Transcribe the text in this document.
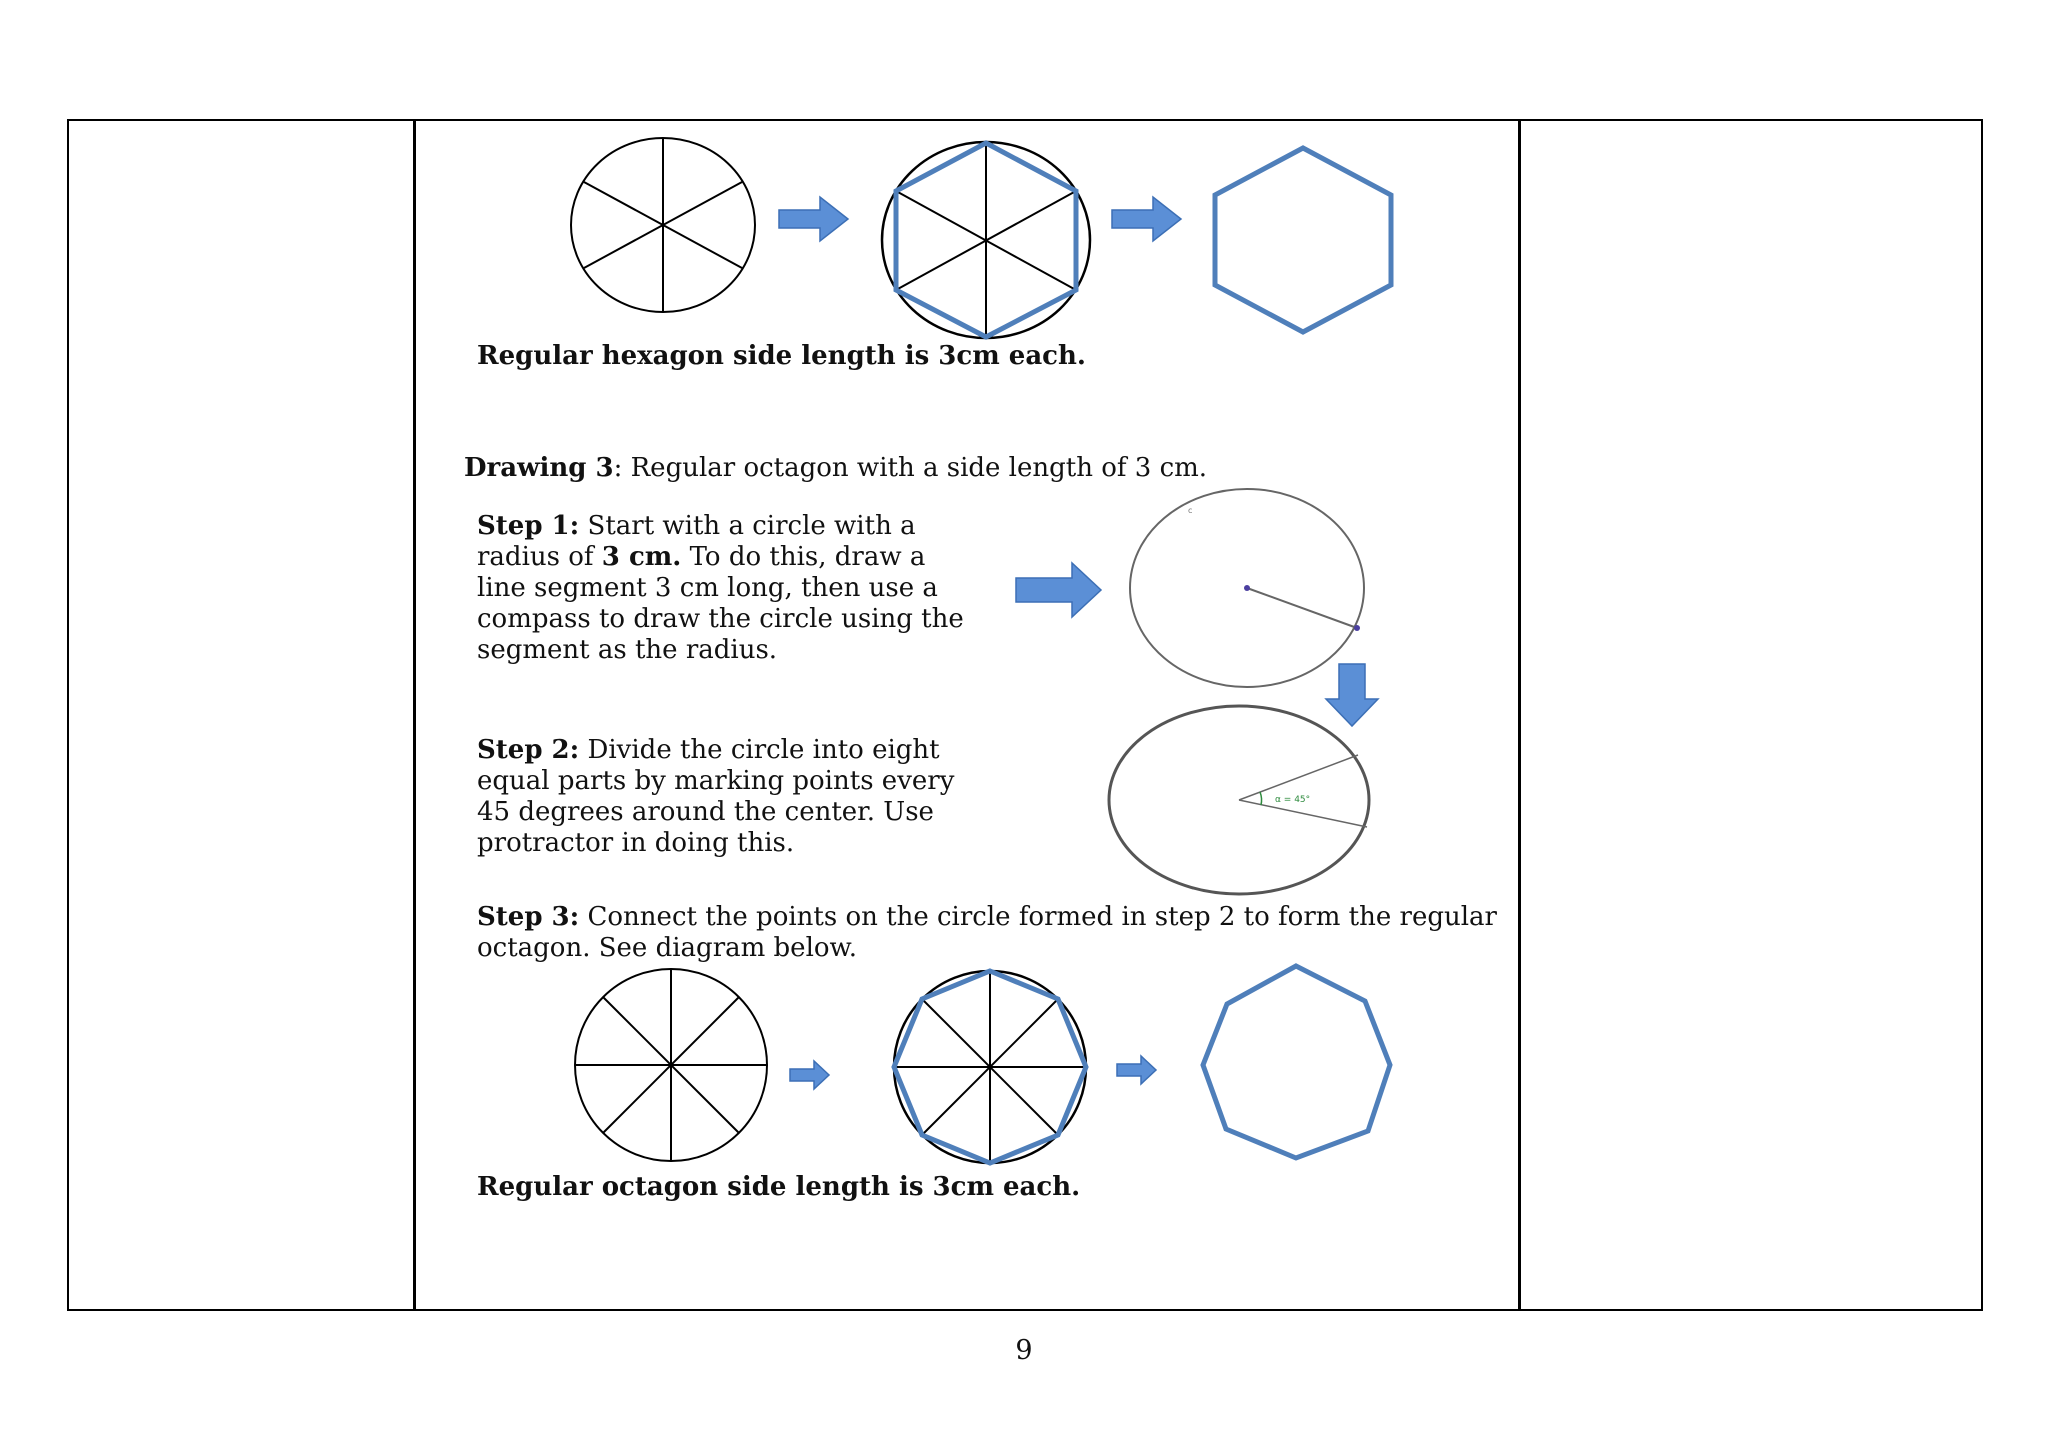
Regular hexagon side length is 3cm each.
Drawing 3: Regular octagon with a side length of 3 cm.
Step 1: Start with a circle with a
radius of 3 cm. To do this, draw a
line segment 3 cm long, then use a
compass to draw the circle using the
segment as the radius.
c
Step 2: Divide the circle into eight
equal parts by marking points every
45 degrees around the center. Use
protractor in doing this.
α = 45°
Step 3: Connect the points on the circle formed in step 2 to form the regular
octagon. See diagram below.
Regular octagon side length is 3cm each.
9
